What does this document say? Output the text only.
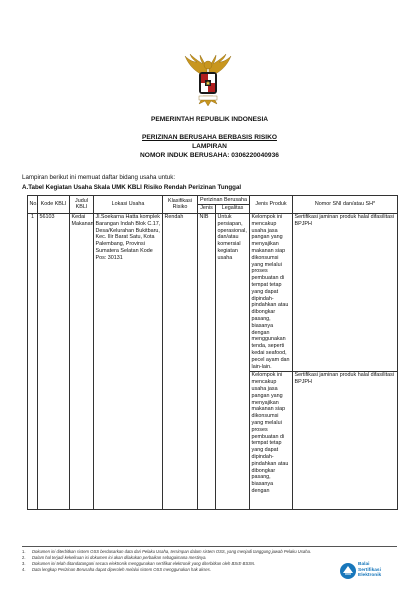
PEMERINTAH REPUBLIK INDONESIA
PERIZINAN BERUSAHA BERBASIS RISIKO
LAMPIRAN
NOMOR INDUK BERUSAHA: 0306220040936
Lampiran berikut ini memuat daftar bidang usaha untuk:
A.Tabel Kegiatan Usaha Skala UMK KBLI Risiko Rendah Perizinan Tunggal
No.	Kode KBLI	Judul KBLI	Lokasi Usaha	Klasifikasi Risiko	Perizinan Berusaha		Jenis Produk	Nomor SNI dan/atau SH*
					Jenis	Legalitas		
1	56103	Kedai Makanan	Jl.Soekarna Hatta komplek Barangan Indah Blok C.17, Desa/Kelurahan Bukitbaru, Kec. Ilir Barat Satu, Kota Palembang, Provinsi Sumatera Selatan Kode Pos: 30131	Rendah	NIB	Untuk persiapan, operasional, dan/atau komersial kegiatan usaha	Kelompok ini mencakup usaha jasa pangan yang menyajikan makanan siap dikonsumsi yang melalui proses pembuatan di tempat tetap yang dapat dipindah-pindahkan atau dibongkar pasang, biasanya dengan menggunakan tenda, seperti kedai seafood, pecel ayam dan lain-lain.	Sertifikasi jaminan produk halal difasilitasi BPJPH
							Kelompok ini mencakup usaha jasa pangan yang menyajikan makanan siap dikonsumsi yang melalui proses pembuatan di tempat tetap yang dapat dipindah-pindahkan atau dibongkar pasang, biasanya dengan	Sertifikasi jaminan produk halal difasilitasi BPJPH
1.	Dokumen ini diterbitkan sistem OSS berdasarkan data dari Pelaku Usaha, tersimpan dalam sistem OSS, yang menjadi tanggung jawab Pelaku Usaha.
2.	Dalam hal terjadi kekeliruan isi dokumen ini akan dilakukan perbaikan sebagaimana mestinya.
3.	Dokumen ini telah ditandatangani secara elektronik menggunakan sertifikat elektronik yang diterbitkan oleh BSrE-BSSN.
4.	Data lengkap Perizinan Berusaha dapat diperoleh melalui sistem OSS menggunakan hak akses.
Balai
Sertifikasi
Elektronik
